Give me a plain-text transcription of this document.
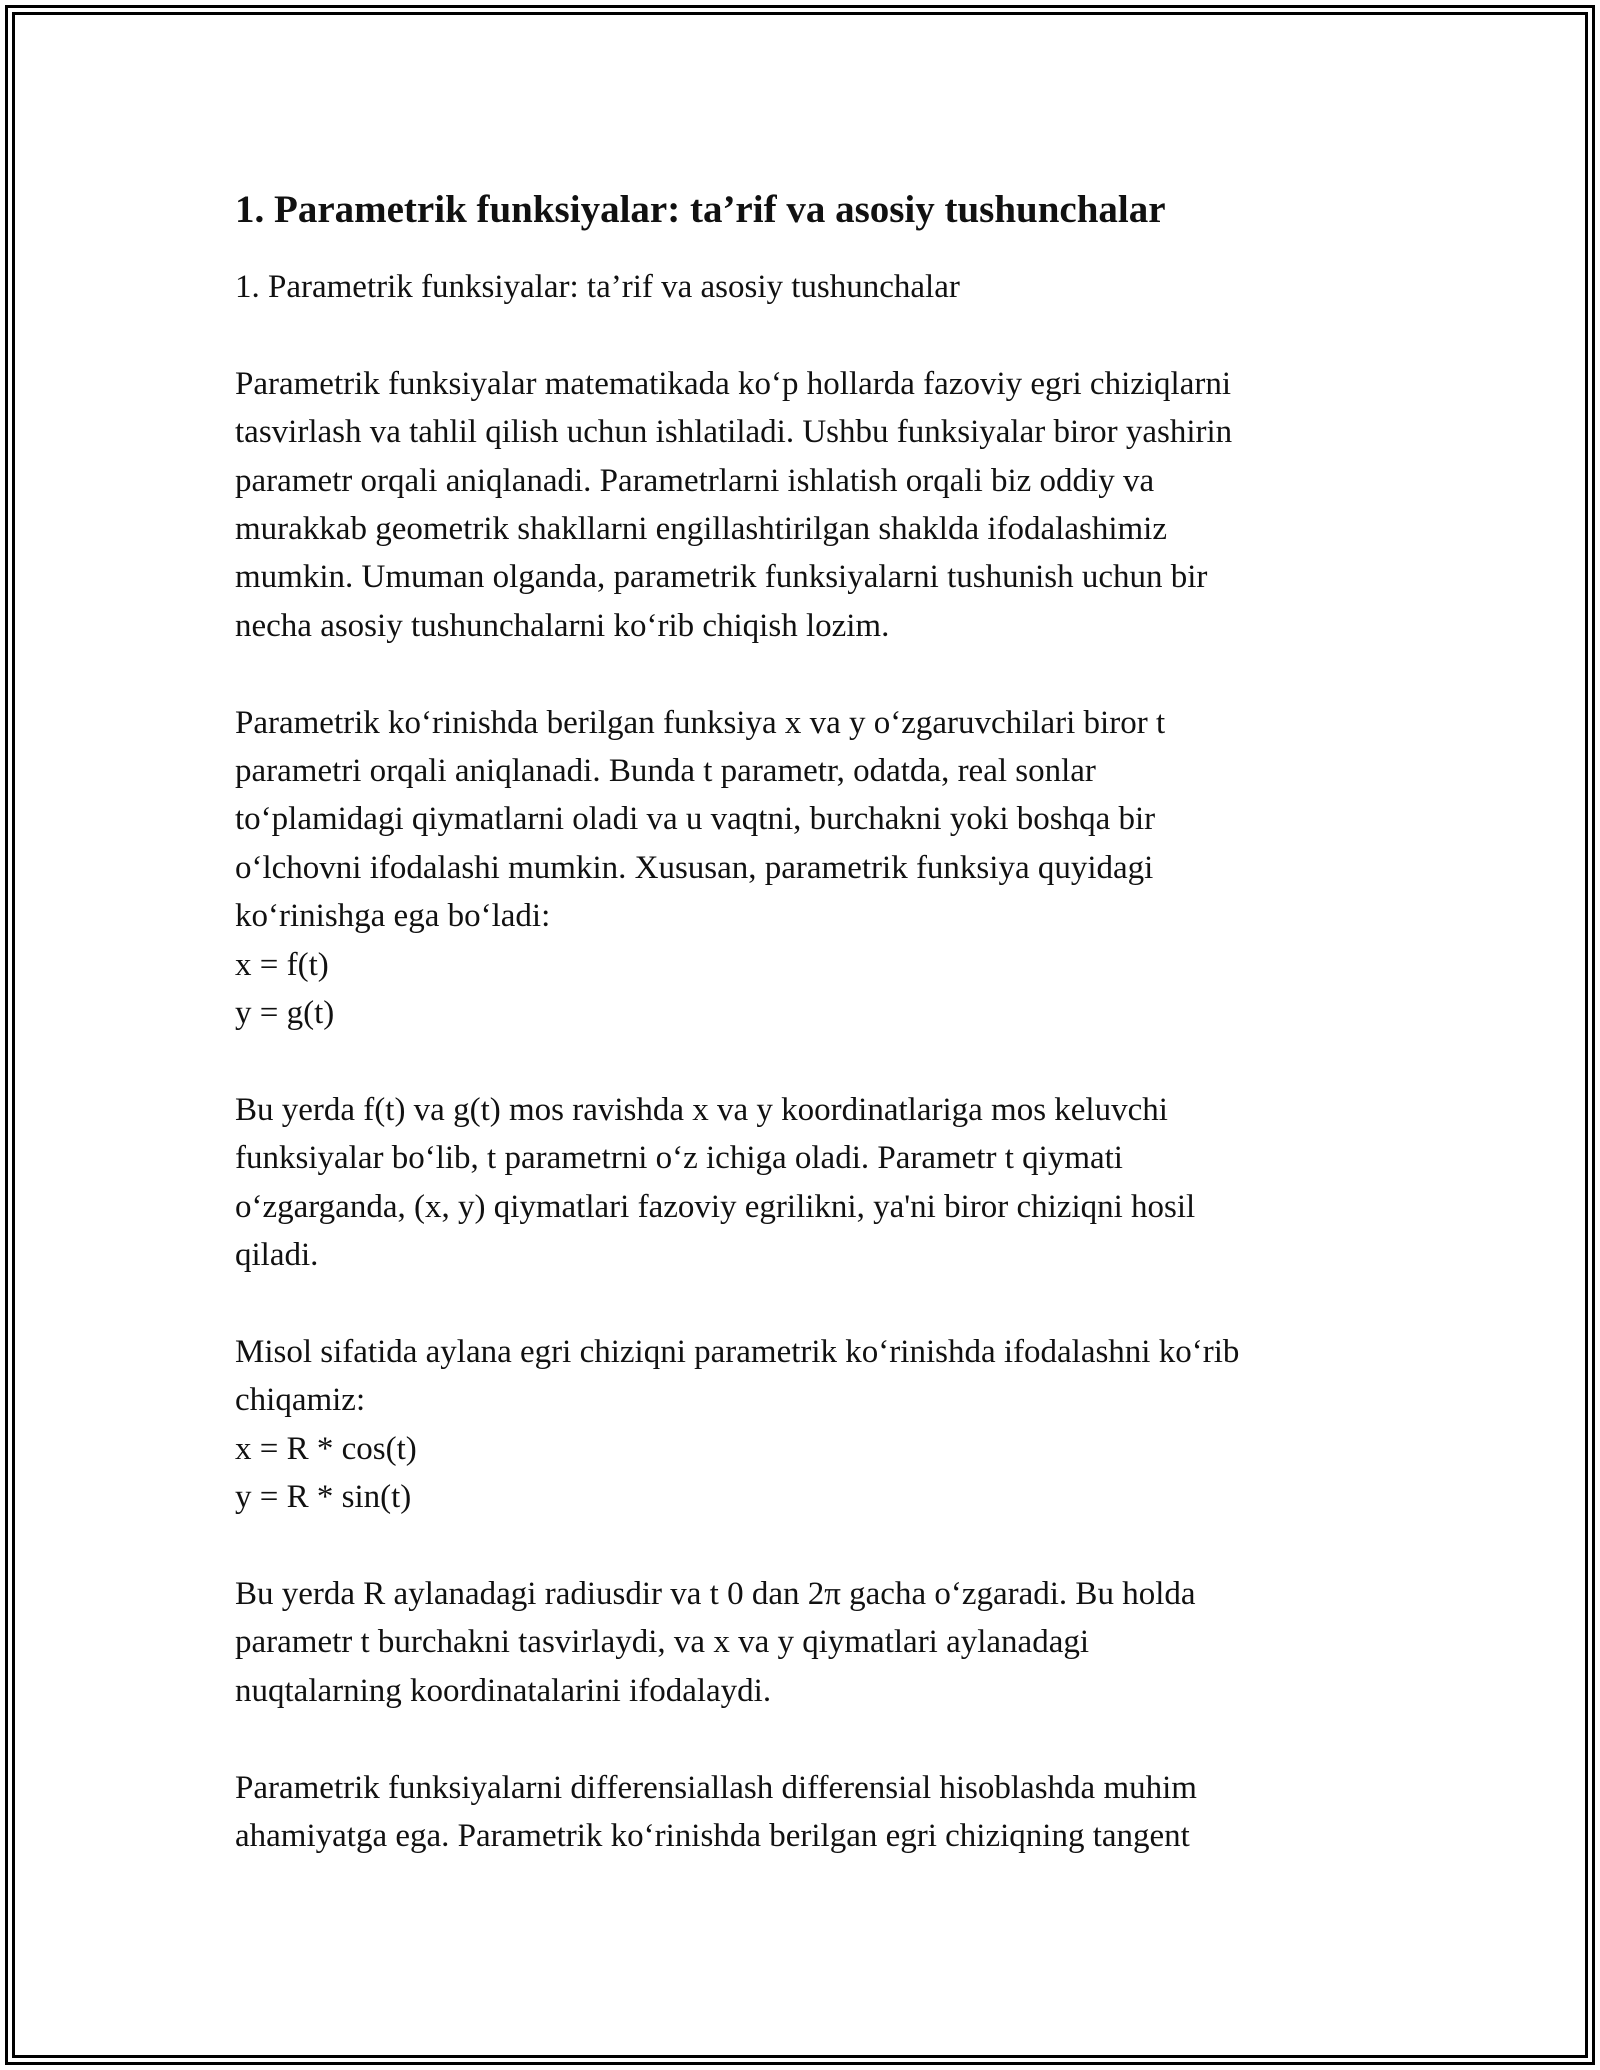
1. Parametrik funksiyalar: ta’rif va asosiy tushunchalar

1. Parametrik funksiyalar: ta’rif va asosiy tushunchalar

Parametrik funksiyalar matematikada ko‘p hollarda fazoviy egri chiziqlarni
tasvirlash va tahlil qilish uchun ishlatiladi. Ushbu funksiyalar biror yashirin
parametr orqali aniqlanadi. Parametrlarni ishlatish orqali biz oddiy va
murakkab geometrik shakllarni engillashtirilgan shaklda ifodalashimiz
mumkin. Umuman olganda, parametrik funksiyalarni tushunish uchun bir
necha asosiy tushunchalarni ko‘rib chiqish lozim.

Parametrik ko‘rinishda berilgan funksiya x va y o‘zgaruvchilari biror t
parametri orqali aniqlanadi. Bunda t parametr, odatda, real sonlar
to‘plamidagi qiymatlarni oladi va u vaqtni, burchakni yoki boshqa bir
o‘lchovni ifodalashi mumkin. Xususan, parametrik funksiya quyidagi
ko‘rinishga ega bo‘ladi:
x = f(t)
y = g(t)

Bu yerda f(t) va g(t) mos ravishda x va y koordinatlariga mos keluvchi
funksiyalar bo‘lib, t parametrni o‘z ichiga oladi. Parametr t qiymati
o‘zgarganda, (x, y) qiymatlari fazoviy egrilikni, ya'ni biror chiziqni hosil
qiladi.

Misol sifatida aylana egri chiziqni parametrik ko‘rinishda ifodalashni ko‘rib
chiqamiz:
x = R * cos(t)
y = R * sin(t)

Bu yerda R aylanadagi radiusdir va t 0 dan 2π gacha o‘zgaradi. Bu holda
parametr t burchakni tasvirlaydi, va x va y qiymatlari aylanadagi
nuqtalarning koordinatalarini ifodalaydi.

Parametrik funksiyalarni differensiallash differensial hisoblashda muhim
ahamiyatga ega. Parametrik ko‘rinishda berilgan egri chiziqning tangent
